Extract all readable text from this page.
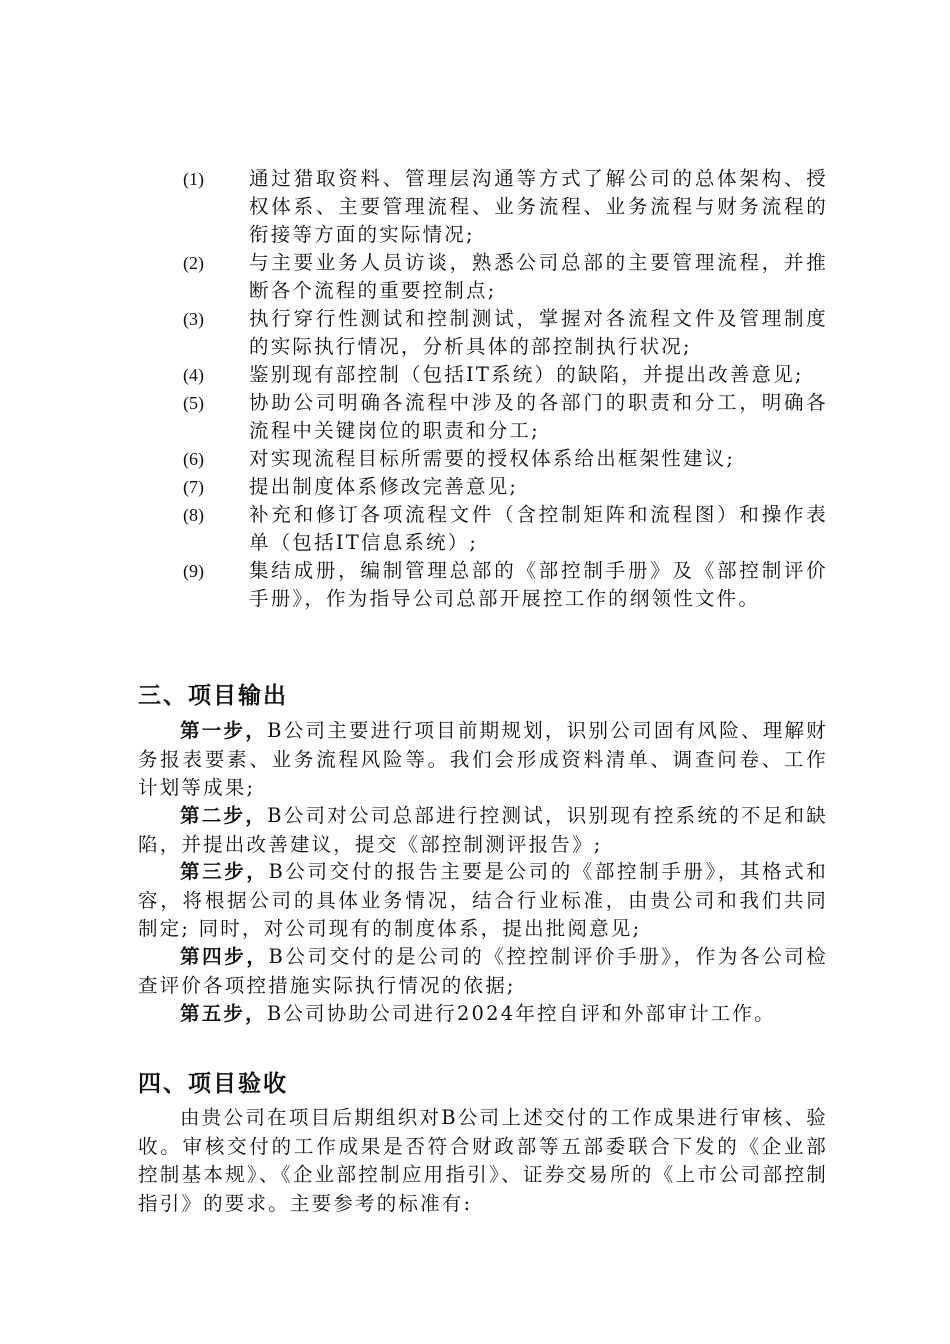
(1)	通过猎取资料、管理层沟通等方式了解公司的总体架构、授权体系、主要管理流程、业务流程、业务流程与财务流程的衔接等方面的实际情况;
(2)	与主要业务人员访谈，熟悉公司总部的主要管理流程，并推断各个流程的重要控制点;
(3)	执行穿行性测试和控制测试，掌握对各流程文件及管理制度的实际执行情况，分析具体的部控制执行状况;
(4)	鉴别现有部控制（包括IT系统）的缺陷，并提出改善意见;
(5)	协助公司明确各流程中涉及的各部门的职责和分工，明确各流程中关键岗位的职责和分工;
(6)	对实现流程目标所需要的授权体系给出框架性建议;
(7)	提出制度体系修改完善意见;
(8)	补充和修订各项流程文件（含控制矩阵和流程图）和操作表单（包括IT信息系统）;
(9)	集结成册，编制管理总部的《部控制手册》及《部控制评价手册》，作为指导公司总部开展控工作的纲领性文件。
三、项目输出

第一步，B公司主要进行项目前期规划，识别公司固有风险、理解财务报表要素、业务流程风险等。我们会形成资料清单、调查问卷、工作计划等成果;

第二步，B公司对公司总部进行控测试，识别现有控系统的不足和缺陷，并提出改善建议，提交《部控制测评报告》;

第三步，B公司交付的报告主要是公司的《部控制手册》，其格式和容，将根据公司的具体业务情况，结合行业标准，由贵公司和我们共同制定; 同时，对公司现有的制度体系，提出批阅意见;

第四步，B公司交付的是公司的《控控制评价手册》，作为各公司检查评价各项控措施实际执行情况的依据;

第五步，B公司协助公司进行2024年控自评和外部审计工作。

四、项目验收

由贵公司在项目后期组织对B公司上述交付的工作成果进行审核、验收。审核交付的工作成果是否符合财政部等五部委联合下发的《企业部控制基本规》、《企业部控制应用指引》、证券交易所的《上市公司部控制指引》的要求。主要参考的标准有:
